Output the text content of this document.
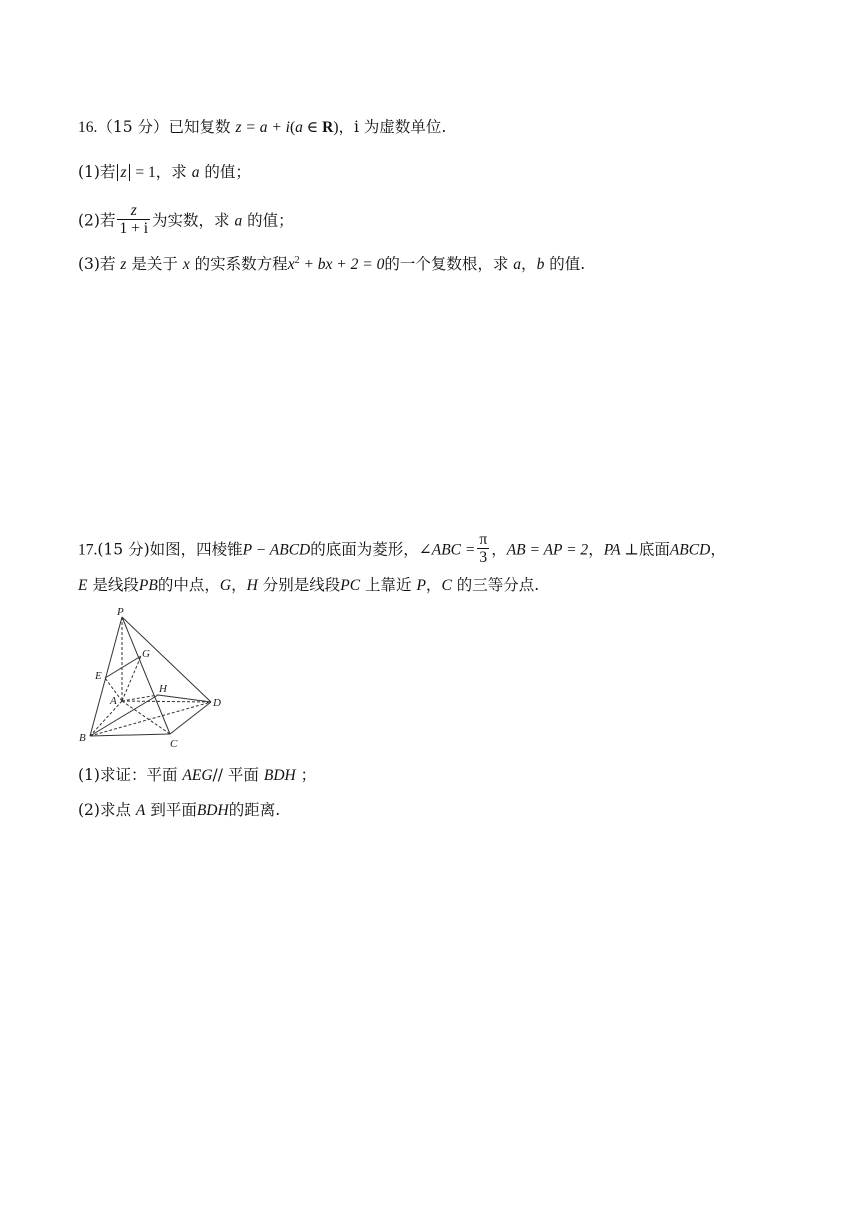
16.（15 分）已知复数 z = a + i(a ∈ R)，i 为虚数单位.
(1)若 z = 1，求 a 的值；
(2)若 $\frac{z}{1 + i}$ 为实数，求 a 的值；
(3)若 z 是关于 x 的实系数方程$x^2$ + bx + 2 = 0的一个复数根，求 a，b 的值.
17.(15 分)如图，四棱锥P − ABCD的底面为菱形，∠ABC = $\frac{\pi}{3}$ ，AB = AP = 2，PA ⊥底面ABCD，
E 是线段PB的中点，G，H 分别是线段PC 上靠近 P，C 的三等分点.
P
G
E
H
A	D
B	C
(1)求证：平面 AEG// 平面 BDH ；
(2)求点 A 到平面BDH的距离.
